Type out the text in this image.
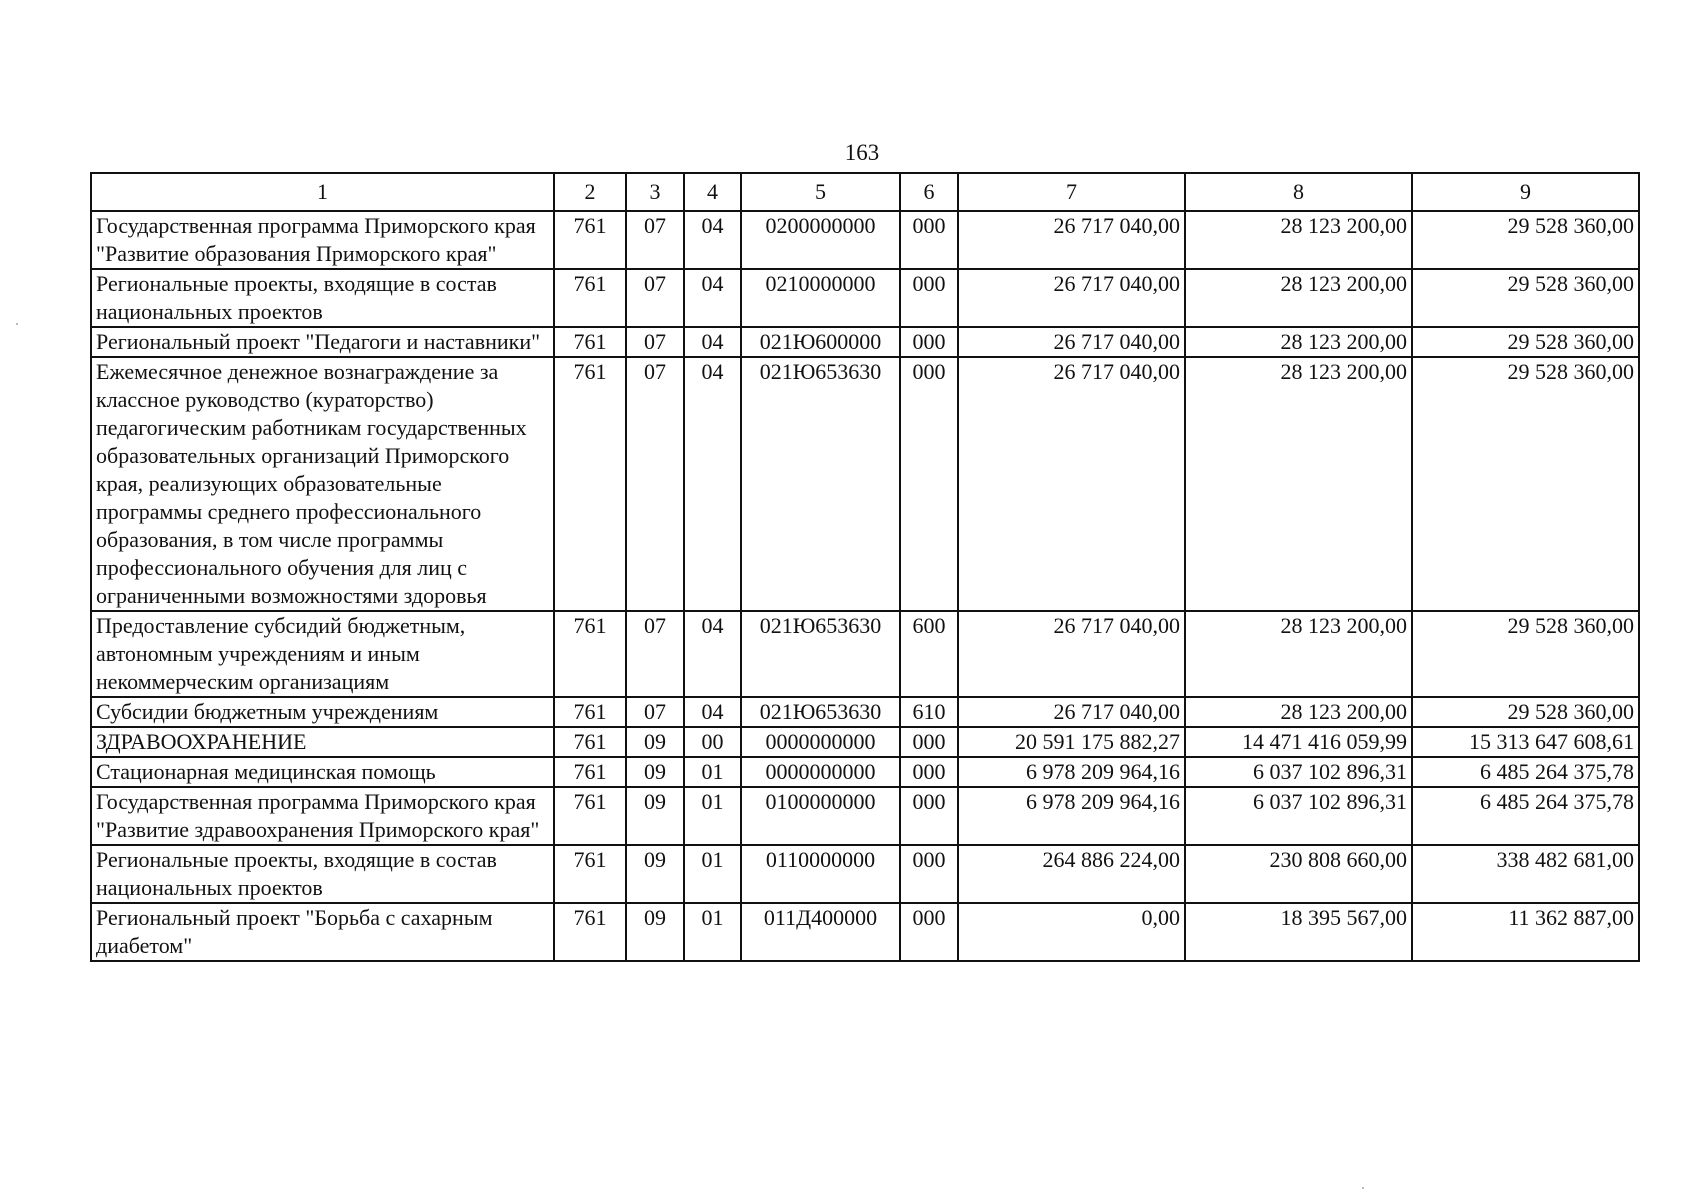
163
1	2	3	4	5	6	7	8	9
Государственная программа Приморского края "Развитие образования Приморского края"	761	07	04	0200000000	000	26 717 040,00	28 123 200,00	29 528 360,00
Региональные проекты, входящие в состав национальных проектов	761	07	04	0210000000	000	26 717 040,00	28 123 200,00	29 528 360,00
Региональный проект "Педагоги и наставники"	761	07	04	021Ю600000	000	26 717 040,00	28 123 200,00	29 528 360,00
Ежемесячное денежное вознаграждение за классное руководство (кураторство) педагогическим работникам государственных образовательных организаций Приморского края, реализующих образовательные программы среднего профессионального образования, в том числе программы профессионального обучения для лиц с ограниченными возможностями здоровья	761	07	04	021Ю653630	000	26 717 040,00	28 123 200,00	29 528 360,00
Предоставление субсидий бюджетным, автономным учреждениям и иным некоммерческим организациям	761	07	04	021Ю653630	600	26 717 040,00	28 123 200,00	29 528 360,00
Субсидии бюджетным учреждениям	761	07	04	021Ю653630	610	26 717 040,00	28 123 200,00	29 528 360,00
ЗДРАВООХРАНЕНИЕ	761	09	00	0000000000	000	20 591 175 882,27	14 471 416 059,99	15 313 647 608,61
Стационарная медицинская помощь	761	09	01	0000000000	000	6 978 209 964,16	6 037 102 896,31	6 485 264 375,78
Государственная программа Приморского края "Развитие здравоохранения Приморского края"	761	09	01	0100000000	000	6 978 209 964,16	6 037 102 896,31	6 485 264 375,78
Региональные проекты, входящие в состав национальных проектов	761	09	01	0110000000	000	264 886 224,00	230 808 660,00	338 482 681,00
Региональный проект "Борьба с сахарным диабетом"	761	09	01	011Д400000	000	0,00	18 395 567,00	11 362 887,00
